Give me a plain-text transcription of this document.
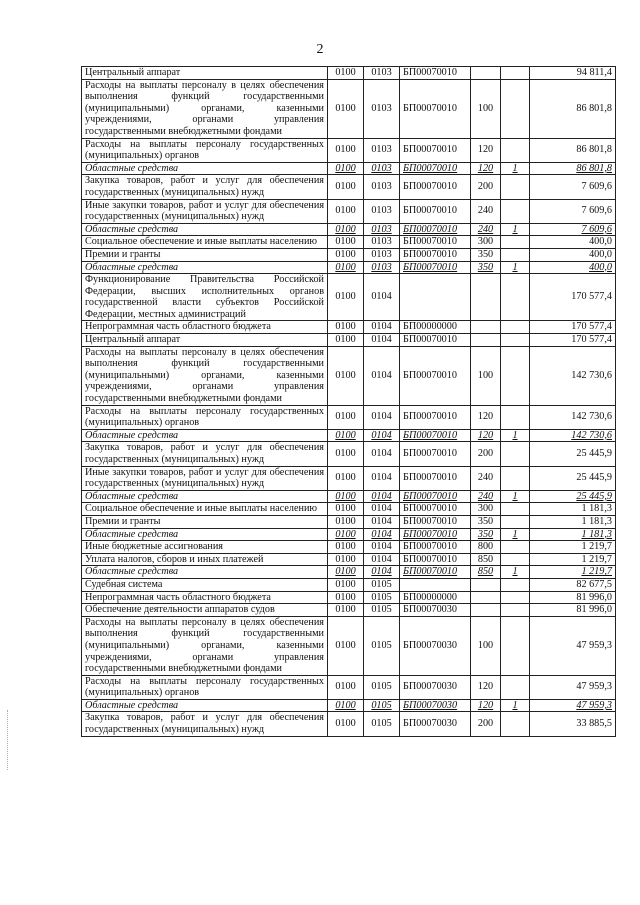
2
Центральный аппарат	0100	0103	БП00070010			94 811,4
Расходы на выплаты персоналу в целях обеспечения выполнения функций государственными (муниципальными) органами, казенными учреждениями, органами управления государственными внебюджетными фондами	0100	0103	БП00070010	100		86 801,8
Расходы на выплаты персоналу государственных (муниципальных) органов	0100	0103	БП00070010	120		86 801,8
Областные средства	0100	0103	БП00070010	120	1	86 801,8
Закупка товаров, работ и услуг для обеспечения государственных (муниципальных) нужд	0100	0103	БП00070010	200		7 609,6
Иные закупки товаров, работ и услуг для обеспечения государственных (муниципальных) нужд	0100	0103	БП00070010	240		7 609,6
Областные средства	0100	0103	БП00070010	240	1	7 609,6
Социальное обеспечение и иные выплаты населению	0100	0103	БП00070010	300		400,0
Премии и гранты	0100	0103	БП00070010	350		400,0
Областные средства	0100	0103	БП00070010	350	1	400,0
Функционирование Правительства Российской Федерации, высших исполнительных органов государственной власти субъектов Российской Федерации, местных администраций	0100	0104				170 577,4
Непрограммная часть областного бюджета	0100	0104	БП00000000			170 577,4
Центральный аппарат	0100	0104	БП00070010			170 577,4
Расходы на выплаты персоналу в целях обеспечения выполнения функций государственными (муниципальными) органами, казенными учреждениями, органами управления государственными внебюджетными фондами	0100	0104	БП00070010	100		142 730,6
Расходы на выплаты персоналу государственных (муниципальных) органов	0100	0104	БП00070010	120		142 730,6
Областные средства	0100	0104	БП00070010	120	1	142 730,6
Закупка товаров, работ и услуг для обеспечения государственных (муниципальных) нужд	0100	0104	БП00070010	200		25 445,9
Иные закупки товаров, работ и услуг для обеспечения государственных (муниципальных) нужд	0100	0104	БП00070010	240		25 445,9
Областные средства	0100	0104	БП00070010	240	1	25 445,9
Социальное обеспечение и иные выплаты населению	0100	0104	БП00070010	300		1 181,3
Премии и гранты	0100	0104	БП00070010	350		1 181,3
Областные средства	0100	0104	БП00070010	350	1	1 181,3
Иные бюджетные ассигнования	0100	0104	БП00070010	800		1 219,7
Уплата налогов, сборов и иных платежей	0100	0104	БП00070010	850		1 219,7
Областные средства	0100	0104	БП00070010	850	1	1 219,7
Судебная система	0100	0105				82 677,5
Непрограммная часть областного бюджета	0100	0105	БП00000000			81 996,0
Обеспечение деятельности аппаратов судов	0100	0105	БП00070030			81 996,0
Расходы на выплаты персоналу в целях обеспечения выполнения функций государственными (муниципальными) органами, казенными учреждениями, органами управления государственными внебюджетными фондами	0100	0105	БП00070030	100		47 959,3
Расходы на выплаты персоналу государственных (муниципальных) органов	0100	0105	БП00070030	120		47 959,3
Областные средства	0100	0105	БП00070030	120	1	47 959,3
Закупка товаров, работ и услуг для обеспечения государственных (муниципальных) нужд	0100	0105	БП00070030	200		33 885,5
